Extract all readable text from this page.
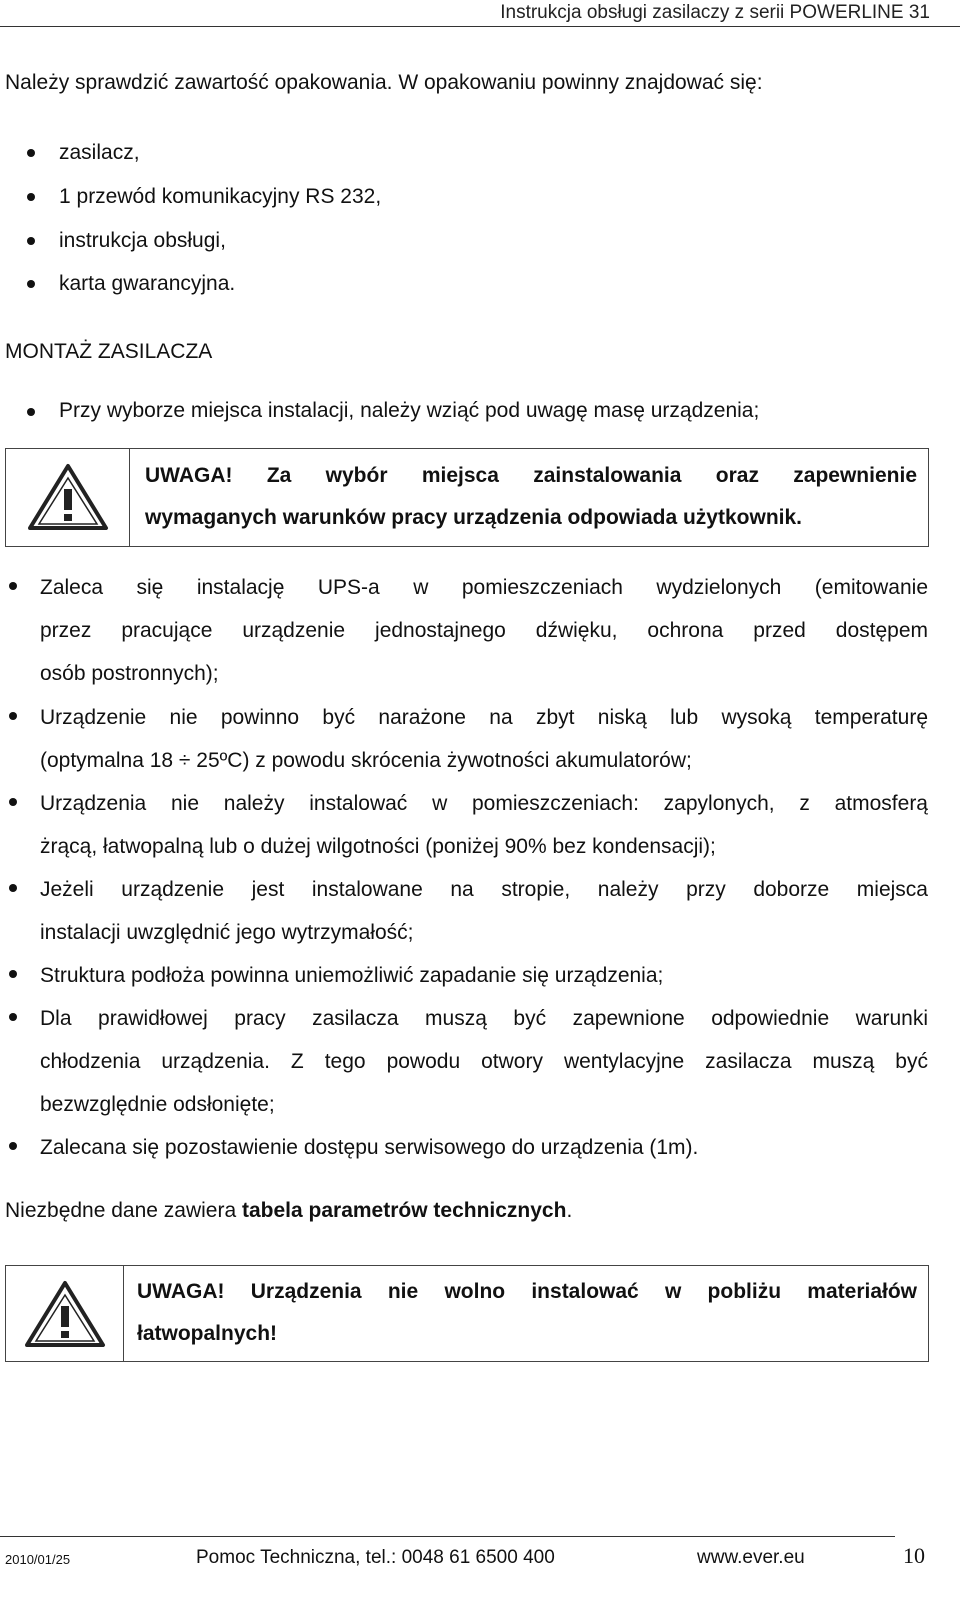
Instrukcja obsługi zasilaczy z serii POWERLINE 31
Należy sprawdzić zawartość opakowania. W opakowaniu powinny znajdować się:
zasilacz,
1 przewód komunikacyjny RS 232,
instrukcja obsługi,
karta gwarancyjna.
MONTAŻ ZASILACZA
Przy wyborze miejsca instalacji, należy wziąć pod uwagę masę urządzenia;
UWAGA! Za wybór miejsca zainstalowania oraz zapewnienie
wymaganych warunków pracy urządzenia odpowiada użytkownik.
Zaleca się instalację UPS-a w pomieszczeniach wydzielonych (emitowanie
przez pracujące urządzenie jednostajnego dźwięku, ochrona przed dostępem
osób postronnych);
Urządzenie nie powinno być narażone na zbyt niską lub wysoką temperaturę
(optymalna 18 ÷ 25ºC) z powodu skrócenia żywotności akumulatorów;
Urządzenia nie należy instalować w pomieszczeniach: zapylonych, z atmosferą
żrącą, łatwopalną lub o dużej wilgotności (poniżej 90% bez kondensacji);
Jeżeli urządzenie jest instalowane na stropie, należy przy doborze miejsca
instalacji uwzględnić jego wytrzymałość;
Struktura podłoża powinna uniemożliwić zapadanie się urządzenia;
Dla prawidłowej pracy zasilacza muszą być zapewnione odpowiednie warunki
chłodzenia urządzenia. Z tego powodu otwory wentylacyjne zasilacza muszą być
bezwzględnie odsłonięte;
Zalecana się pozostawienie dostępu serwisowego do urządzenia (1m).
Niezbędne dane zawiera tabela parametrów technicznych.
UWAGA! Urządzenia nie wolno instalować w pobliżu materiałów
łatwopalnych!
2010/01/25	Pomoc Techniczna, tel.: 0048 61 6500 400	www.ever.eu	10
